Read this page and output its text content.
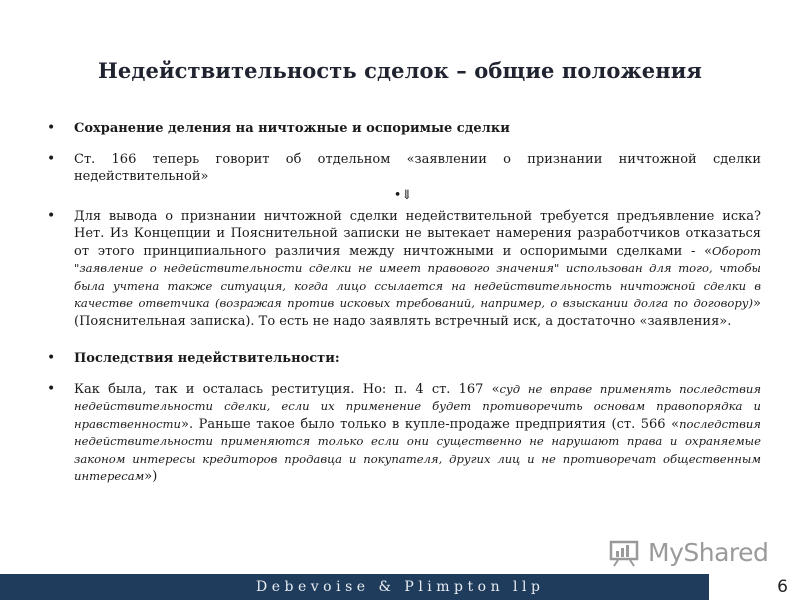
Недействительность сделок – общие положения
• Сохранение деления на ничтожные и оспоримые сделки
• Ст. 166 теперь говорит об отдельном «заявлении о признании ничтожной сделки недействительной»
•⇓
• Для вывода о признании ничтожной сделки недействительной требуется предъявление иска? Нет. Из Концепции и Пояснительной записки не вытекает намерения разработчиков отказаться от этого принципиального различия между ничтожными и оспоримыми сделками - «Оборот "заявление о недействительности сделки не имеет правового значения" использован для того, чтобы была учтена также ситуация, когда лицо ссылается на недействительность ничтожной сделки в качестве ответчика (возражая против исковых требований, например, о взыскании долга по договору)» (Пояснительная записка). То есть не надо заявлять встречный иск, а достаточно «заявления».
• Последствия недействительности:
• Как была, так и осталась реституция. Но: п. 4 ст. 167 «суд не вправе применять последствия недействительности сделки, если их применение будет противоречить основам правопорядка и нравственности». Раньше такое было только в купле-продаже предприятия (ст. 566 «последствия недействительности применяются только если они существенно не нарушают права и охраняемые законом интересы кредиторов продавца и покупателя, других лиц и не противоречат общественным интересам»)
MyShared
Debevoise & Plimpton llp	6
